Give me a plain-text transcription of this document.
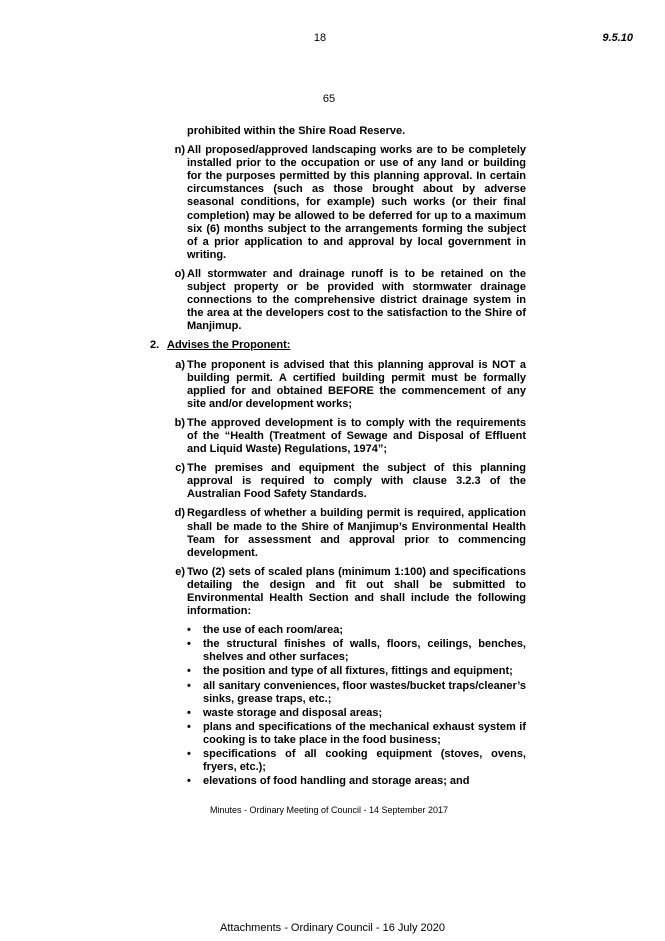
18	9.5.10
65

prohibited within the Shire Road Reserve.

n) All proposed/approved landscaping works are to be completely installed prior to the occupation or use of any land or building for the purposes permitted by this planning approval. In certain circumstances (such as those brought about by adverse seasonal conditions, for example) such works (or their final completion) may be allowed to be deferred for up to a maximum six (6) months subject to the arrangements forming the subject of a prior application to and approval by local government in writing.
o) All stormwater and drainage runoff is to be retained on the subject property or be provided with stormwater drainage connections to the comprehensive district drainage system in the area at the developers cost to the satisfaction to the Shire of Manjimup.
2. Advises the Proponent:
a) The proponent is advised that this planning approval is NOT a building permit. A certified building permit must be formally applied for and obtained BEFORE the commencement of any site and/or development works;
b) The approved development is to comply with the requirements of the “Health (Treatment of Sewage and Disposal of Effluent and Liquid Waste) Regulations, 1974”;
c) The premises and equipment the subject of this planning approval is required to comply with clause 3.2.3 of the Australian Food Safety Standards.
d) Regardless of whether a building permit is required, application shall be made to the Shire of Manjimup’s Environmental Health Team for assessment and approval prior to commencing development.
e) Two (2) sets of scaled plans (minimum 1:100) and specifications detailing the design and fit out shall be submitted to Environmental Health Section and shall include the following information:
•	the use of each room/area;
•	the structural finishes of walls, floors, ceilings, benches, shelves and other surfaces;
•	the position and type of all fixtures, fittings and equipment;
•	all sanitary conveniences, floor wastes/bucket traps/cleaner’s sinks, grease traps, etc.;
•	waste storage and disposal areas;
•	plans and specifications of the mechanical exhaust system if cooking is to take place in the food business;
•	specifications of all cooking equipment (stoves, ovens, fryers, etc.);
•	elevations of food handling and storage areas; and
Minutes - Ordinary Meeting of Council - 14 September 2017
Attachments - Ordinary Council - 16 July 2020
